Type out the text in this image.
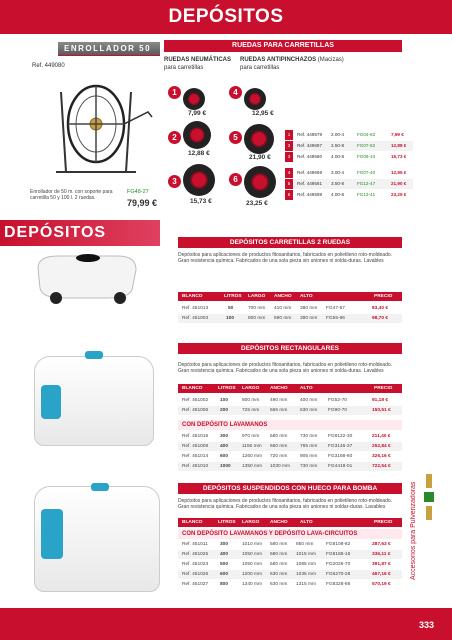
DEPÓSITOS
ENROLLADOR 50 M
Ref. 449080
Enrollador de 50 m. con soporte para carretilla 50 y 100 l. 2 ruedas.
FG48-27
79,99 €
RUEDAS PARA CARRETILLAS
RUEDAS NEUMÁTICAS
para carretillas
RUEDAS ANTIPINCHAZOS (Macizas)
para carretillas
1
7,99 €
4
12,95 €
2
12,88 €
5
21,90 €
3
15,73 €
6
23,25 €
1	Ref. 449579 2.00-4	FG04-82	7,99 €
2	Ref. 449697 2.50-8	FG07-82	12,88 €
3	Ref. 449580 4.00-8	FG09-10	15,73 €
4	Ref. 449669 3.00-4	FG07-40	12,95 €
5	Ref. 449581 3.50-8	FG12-47	21,90 €
6	Ref. 449599 4.00-8	FG13-41	23,25 €
DEPÓSITOS
DEPÓSITOS CARRETILLAS 2 RUEDAS
Depósitos para aplicaciones de productos fitosanitarios, fabricados en polietileno roto-moldeado. Gran resistencia química. Fabricados de una sola pieza sin uniones ni solda-duras. Lavables
BLANCO	LITROS LARGO ANCHO ALTO	PRECIO
Ref. 451013	50	700 mm 410 mm 380 mm FG47-67	83,40 €
Ref. 451003	100	800 mm 590 mm 390 mm FG55-96	98,70 €
DEPÓSITOS RECTANGULARES
Depósitos para aplicaciones de productos fitosanitarios, fabricados en polietileno roto-moldeado. Gran resistencia química. Fabricados de una sola pieza sin uniones ni solda-duras. Lavables
BLANCO	LITROS LARGO ANCHO	ALTO	PRECIO
Ref. 451002 100	800 mm 490 mm	400 mm FG52-70	91,18 €
Ref. 451006 200	725 mm 565 mm	630 mm FG90-70	150,51 €
CON DEPÓSITO LAVAMANOS
Ref. 451016 300	970 mm 580 mm	730 mm FG8122-30	211,40 €
Ref. 451008 400	1150 mm 660 mm	765 mm FG3146-37	252,84 €
Ref. 451014 600	1260 mm 720 mm	905 mm FG3168-60	326,16 €
Ref. 451010 1000 1350 mm 1030 mm 730 mm FG4418-01	722,54 €
DEPÓSITOS SUSPENDIDOS CON HUECO PARA BOMBA
Depósitos para aplicaciones de productos fitosanitarios, fabricados en polietileno roto-moldeado. Gran resistencia química. Fabricados de una sola pieza sin uniones ni soldar-duras. Lavables
BLANCO	LITROS LARGO ANCHO	ALTO	PRECIO
CON DEPÓSITO LAVAMANOS Y DEPÓSITO LAVA-CIRCUITOS
Ref. 451011	300	1010 mm 580 mm 850 mm	FG8108-82	287,63 €
Ref. 451025 400	1050 mm 580 mm 1015 mm FG8188-16	336,11 €
Ref. 451023 500	1050 mm 580 mm 1085 mm FG2026-70	391,87 €
Ref. 451026 600	1200 mm 630 mm 1035 mm FG6270-28	467,16 €
Ref. 451027 800	1340 mm 630 mm 1315 mm FG8328-86	570,19 €
Accesorios para Pulverizadoras
333
